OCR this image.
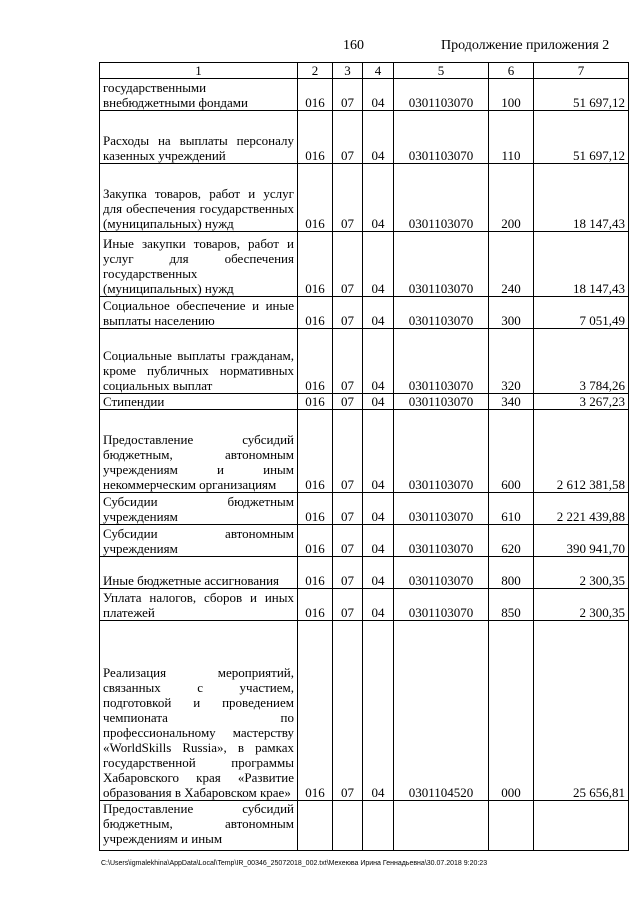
160	Продолжение приложения 2
1	2	3	4	5	6	7
государственными внебюджетными фондами	016	07	04	0301103070	100	51 697,12
Расходы на выплаты персоналу казенных учреждений	016	07	04	0301103070	110	51 697,12
Закупка товаров, работ и услуг для обеспечения государственных (муниципальных) нужд	016	07	04	0301103070	200	18 147,43
Иные закупки товаров, работ и услуг для обеспечения государственных (муниципальных) нужд	016	07	04	0301103070	240	18 147,43
Социальное обеспечение и иные выплаты населению	016	07	04	0301103070	300	7 051,49
Социальные выплаты гражданам, кроме публичных нормативных социальных выплат	016	07	04	0301103070	320	3 784,26
Стипендии	016	07	04	0301103070	340	3 267,23
Предоставление субсидий бюджетным, автономным учреждениям и иным некоммерческим организациям	016	07	04	0301103070	600	2 612 381,58
Субсидии бюджетным учреждениям	016	07	04	0301103070	610	2 221 439,88
Субсидии автономным учреждениям	016	07	04	0301103070	620	390 941,70
Иные бюджетные ассигнования	016	07	04	0301103070	800	2 300,35
Уплата налогов, сборов и иных платежей	016	07	04	0301103070	850	2 300,35
Реализация мероприятий, связанных с участием, подготовкой и проведением чемпионата по профессиональному мастерству «WorldSkills Russia», в рамках государственной программы Хабаровского края «Развитие образования в Хабаровском крае»	016	07	04	0301104520	000	25 656,81
Предоставление субсидий бюджетным, автономным учреждениям и иным						
C:\Users\igmalekhina\AppData\Local\Temp\IR_00346_25072018_002.txt\Мехеюва Ирина Геннадьевна\30.07.2018 9:20:23
